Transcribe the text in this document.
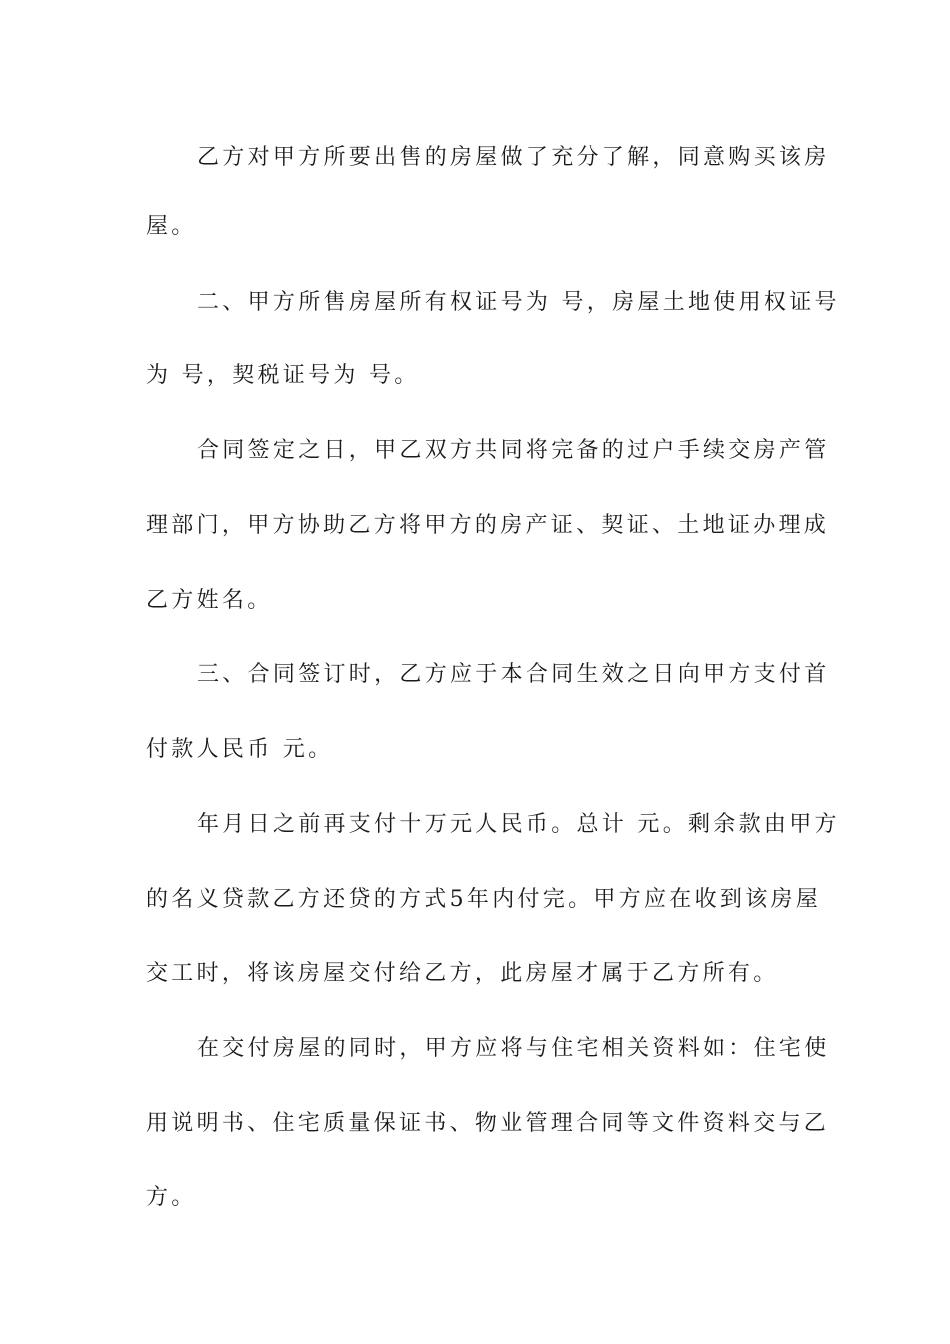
乙方对甲方所要出售的房屋做了充分了解，同意购买该房
屋。
二、甲方所售房屋所有权证号为 号，房屋土地使用权证号
为 号，契税证号为 号。
合同签定之日，甲乙双方共同将完备的过户手续交房产管
理部门，甲方协助乙方将甲方的房产证、契证、土地证办理成
乙方姓名。
三、合同签订时，乙方应于本合同生效之日向甲方支付首
付款人民币 元。
年月日之前再支付十万元人民币。总计 元。剩余款由甲方
的名义贷款乙方还贷的方式5年内付完。甲方应在收到该房屋
交工时，将该房屋交付给乙方，此房屋才属于乙方所有。
在交付房屋的同时，甲方应将与住宅相关资料如：住宅使
用说明书、住宅质量保证书、物业管理合同等文件资料交与乙
方。
